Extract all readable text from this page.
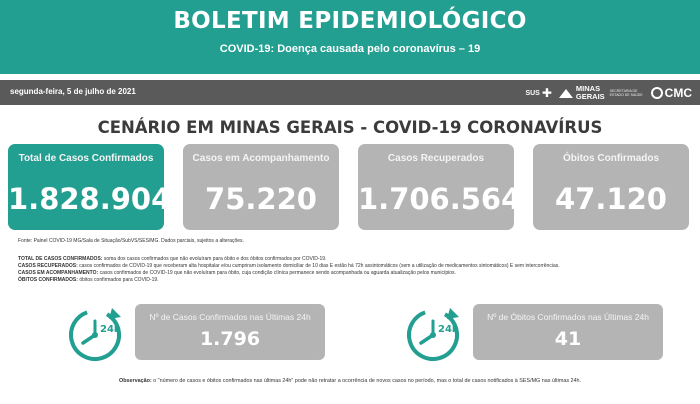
BOLETIM EPIDEMIOLÓGICO
COVID-19: Doença causada pelo coronavírus – 19
segunda-feira, 5 de julho de 2021	SUS ✚	MINAS
GERAIS
SECRETARIA DE ESTADO DE SAÚDE CMC
CENÁRIO EM MINAS GERAIS - COVID-19 CORONAVÍRUS
Total de Casos Confirmados
1.828.904
Casos em Acompanhamento
75.220
Casos Recuperados
1.706.564
Óbitos Confirmados
47.120
Fonte: Painel COVID-19 MG/Sala de Situação/SubVS/SES/MG. Dados parciais, sujeitos a alterações.
TOTAL DE CASOS CONFIRMADOS: soma dos casos confirmados que não evoluíram para óbito e dos óbitos confirmados por COVID-19.
CASOS RECUPERADOS: casos confirmados de COVID-19 que receberam alta hospitalar e/ou cumpriram isolamento domiciliar de 10 dias E estão há 72h assintomáticos (sem a utilização de medicamentos sintomáticos) E sem intercorrências.
CASOS EM ACOMPANHAMENTO: casos confirmados de COVID-19 que não evoluíram para óbito, cuja condição clínica permanece sendo acompanhada ou aguarda atualização pelos municípios.
ÓBITOS CONFIRMADOS: óbitos confirmados para COVID-19.
24h
Nº de Casos Confirmados nas Últimas 24h
1.796	24h
Nº de Óbitos Confirmados nas Últimas 24h
41
Observação: o "número de casos e óbitos confirmados nas últimas 24h" pode não retratar a ocorrência de novos casos no período, mas o total de casos notificados à SES/MG nas últimas 24h.
